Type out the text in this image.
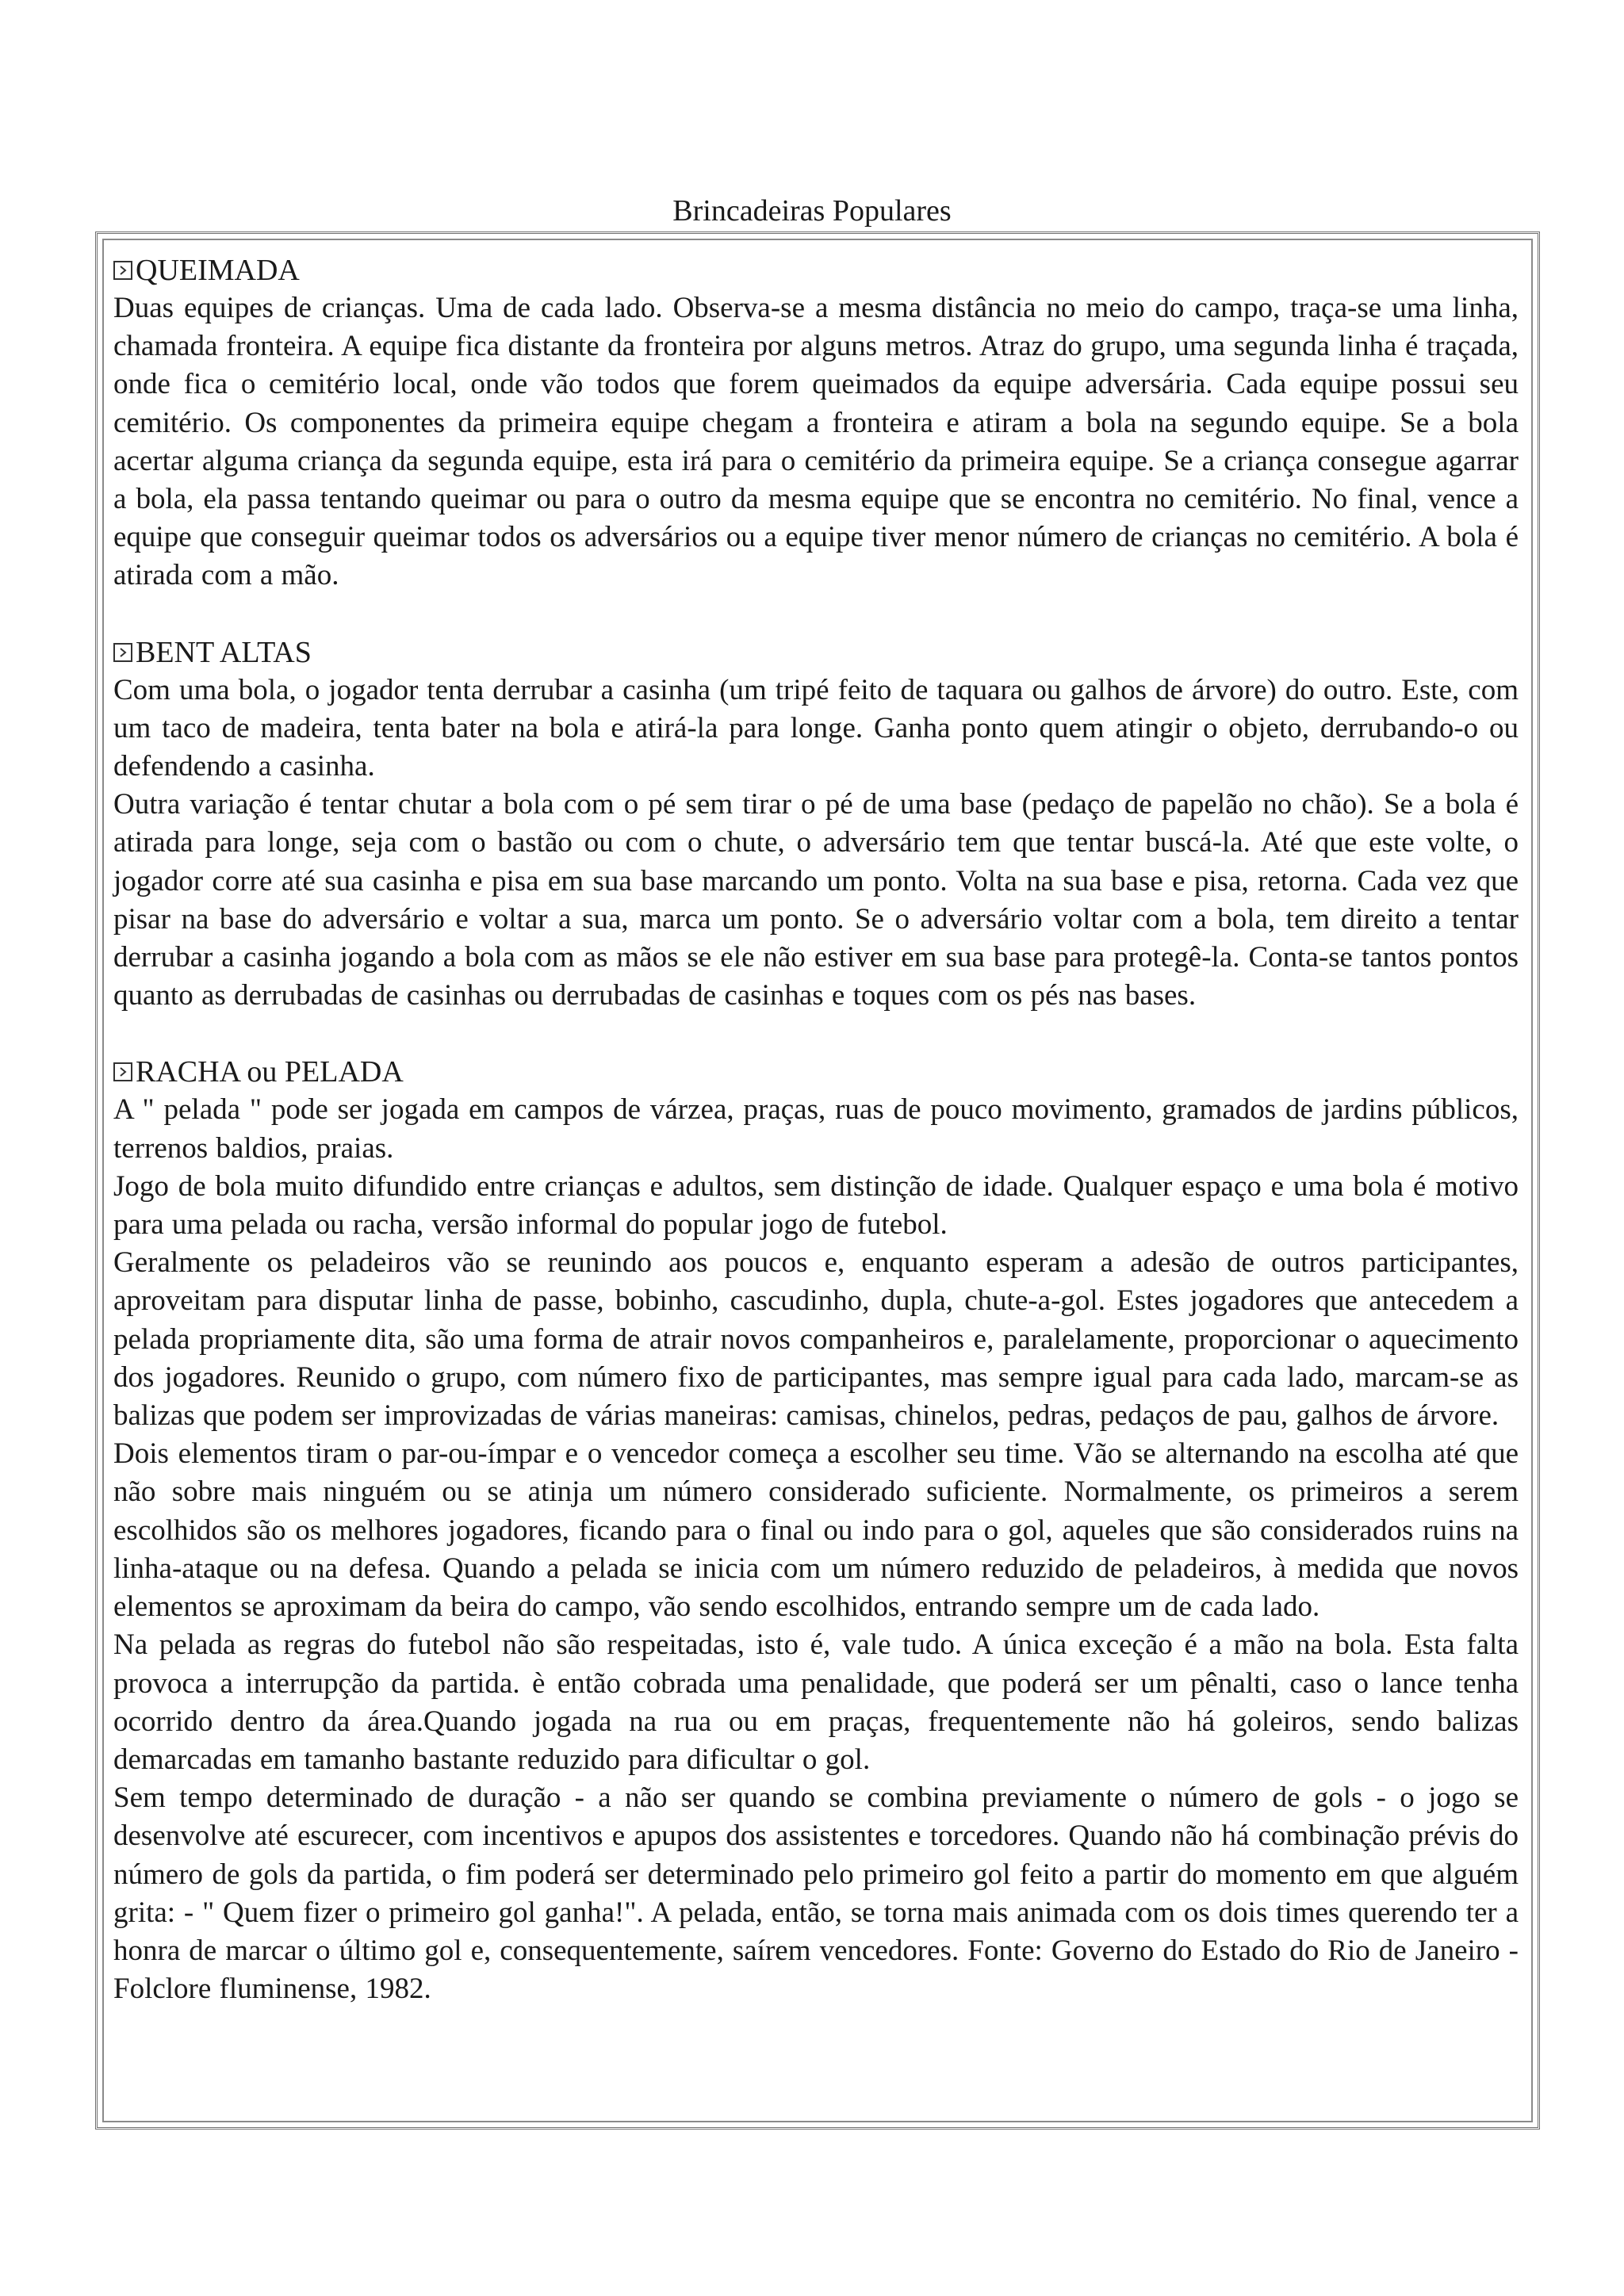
Brincadeiras Populares
QUEIMADA

Duas equipes de crianças. Uma de cada lado. Observa-se a mesma distância no meio do campo, traça-se uma linha, chamada fronteira. A equipe fica distante da fronteira por alguns metros. Atraz do grupo, uma segunda linha é traçada, onde fica o cemitério local, onde vão todos que forem queimados da equipe adversária. Cada equipe possui seu cemitério. Os componentes da primeira equipe chegam a fronteira e atiram a bola na segundo equipe. Se a bola acertar alguma criança da segunda equipe, esta irá para o cemitério da primeira equipe. Se a criança consegue agarrar a bola, ela passa tentando queimar ou para o outro da mesma equipe que se encontra no cemitério. No final, vence a equipe que conseguir queimar todos os adversários ou a equipe tiver menor número de crianças no cemitério. A bola é atirada com a mão.

BENT ALTAS

Com uma bola, o jogador tenta derrubar a casinha (um tripé feito de taquara ou galhos de árvore) do outro. Este, com um taco de madeira, tenta bater na bola e atirá-la para longe. Ganha ponto quem atingir o objeto, derrubando-o ou defendendo a casinha.

Outra variação é tentar chutar a bola com o pé sem tirar o pé de uma base (pedaço de papelão no chão). Se a bola é atirada para longe, seja com o bastão ou com o chute, o adversário tem que tentar buscá-la. Até que este volte, o jogador corre até sua casinha e pisa em sua base marcando um ponto. Volta na sua base e pisa, retorna. Cada vez que pisar na base do adversário e voltar a sua, marca um ponto. Se o adversário voltar com a bola, tem direito a tentar derrubar a casinha jogando a bola com as mãos se ele não estiver em sua base para protegê-la. Conta-se tantos pontos quanto as derrubadas de casinhas ou derrubadas de casinhas e toques com os pés nas bases.

RACHA ou PELADA

A " pelada " pode ser jogada em campos de várzea, praças, ruas de pouco movimento, gramados de jardins públicos, terrenos baldios, praias.

Jogo de bola muito difundido entre crianças e adultos, sem distinção de idade. Qualquer espaço e uma bola é motivo para uma pelada ou racha, versão informal do popular jogo de futebol.

Geralmente os peladeiros vão se reunindo aos poucos e, enquanto esperam a adesão de outros participantes, aproveitam para disputar linha de passe, bobinho, cascudinho, dupla, chute-a-gol. Estes jogadores que antecedem a pelada propriamente dita, são uma forma de atrair novos companheiros e, paralelamente, proporcionar o aquecimento dos jogadores. Reunido o grupo, com número fixo de participantes, mas sempre igual para cada lado, marcam-se as balizas que podem ser improvizadas de várias maneiras: camisas, chinelos, pedras, pedaços de pau, galhos de árvore.

Dois elementos tiram o par-ou-ímpar e o vencedor começa a escolher seu time. Vão se alternando na escolha até que não sobre mais ninguém ou se atinja um número considerado suficiente. Normalmente, os primeiros a serem escolhidos são os melhores jogadores, ficando para o final ou indo para o gol, aqueles que são considerados ruins na linha-ataque ou na defesa. Quando a pelada se inicia com um número reduzido de peladeiros, à medida que novos elementos se aproximam da beira do campo, vão sendo escolhidos, entrando sempre um de cada lado.

Na pelada as regras do futebol não são respeitadas, isto é, vale tudo. A única exceção é a mão na bola. Esta falta provoca a interrupção da partida. è então cobrada uma penalidade, que poderá ser um pênalti, caso o lance tenha ocorrido dentro da área.Quando jogada na rua ou em praças, frequentemente não há goleiros, sendo balizas demarcadas em tamanho bastante reduzido para dificultar o gol.

Sem tempo determinado de duração - a não ser quando se combina previamente o número de gols - o jogo se desenvolve até escurecer, com incentivos e apupos dos assistentes e torcedores. Quando não há combinação prévis do número de gols da partida, o fim poderá ser determinado pelo primeiro gol feito a partir do momento em que alguém grita: - " Quem fizer o primeiro gol ganha!". A pelada, então, se torna mais animada com os dois times querendo ter a honra de marcar o último gol e, consequentemente, saírem vencedores. Fonte: Governo do Estado do Rio de Janeiro - Folclore fluminense, 1982.
